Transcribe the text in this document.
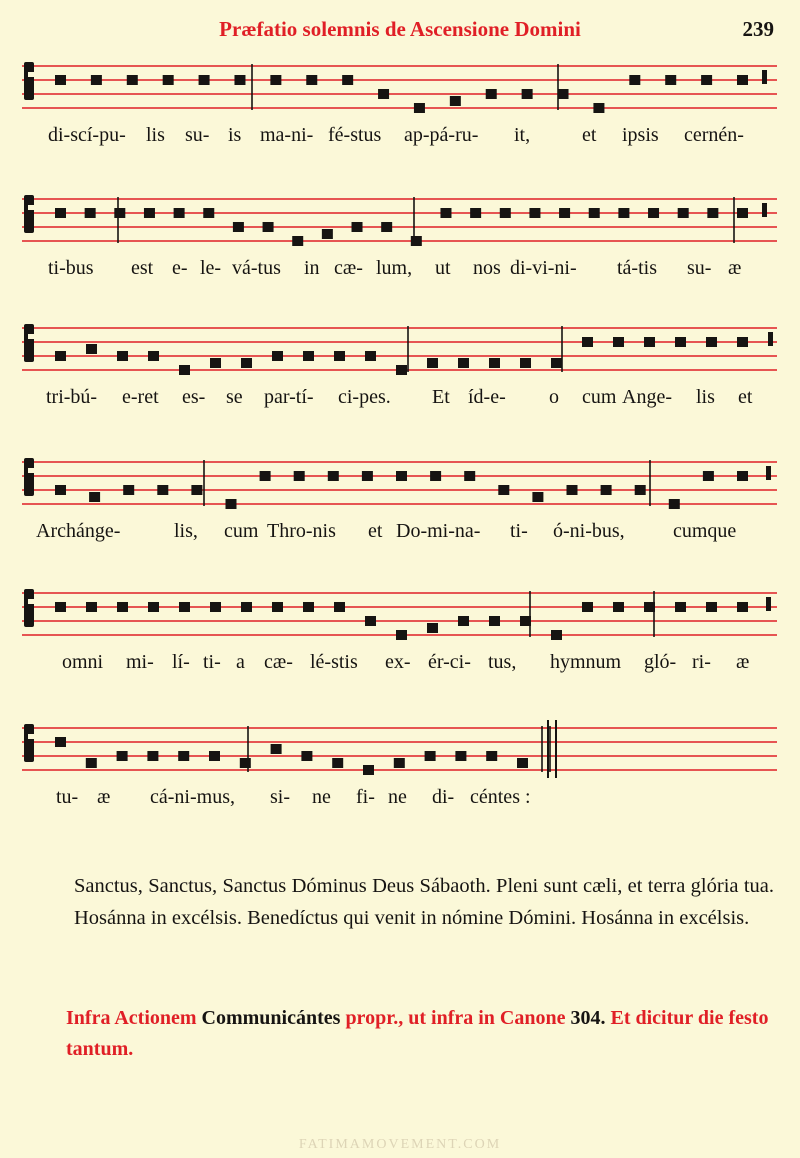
Præfatio solemnis de Ascensione Domini	239
di-scí-pu- lis su- is ma-ni- fé-stus ap-pá-ru- it,	et ipsis cernén-
ti-bus est e- le- vá-tus in cæ- lum, ut nos di-vi-ni- tá-tis su- æ
tri-bú- e-ret es- se par-tí- ci-pes. Et íd-e- o cum Ange- lis et
Archánge-	lis, cum Thro-nis et Do-mi-na- ti- ó-ni-bus, cumque
omni mi- lí- ti- a cæ- lé-stis ex- ér-ci- tus, hymnum gló- ri- æ
tu- æ cá-ni-mus, si- ne fi- ne di- céntes :
Sanctus, Sanctus, Sanctus Dóminus Deus Sábaoth. Pleni sunt cæli, et terra glória tua. Hosánna in excélsis. Benedíctus qui venit in nómine Dómini. Hosánna in excélsis.
Infra Actionem Communicántes propr., ut infra in Canone 304. Et dicitur die festo tantum.
FATIMAMOVEMENT.COM
